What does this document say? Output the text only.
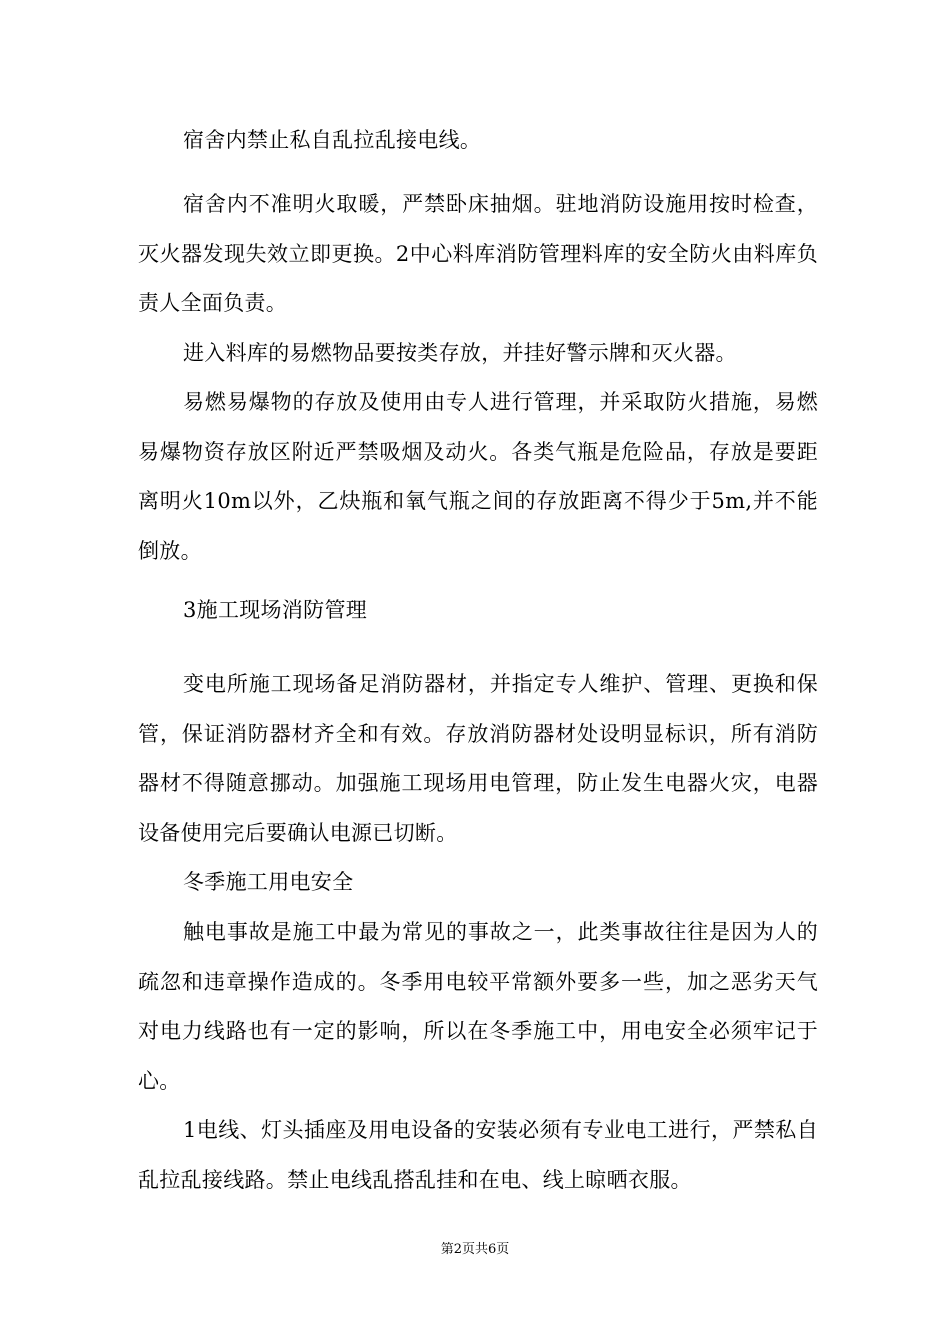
宿舍内禁止私自乱拉乱接电线。

宿舍内不准明火取暖，严禁卧床抽烟。驻地消防设施用按时检查，灭火器发现失效立即更换。2中心料库消防管理料库的安全防火由料库负责人全面负责。

进入料库的易燃物品要按类存放，并挂好警示牌和灭火器。

易燃易爆物的存放及使用由专人进行管理，并采取防火措施，易燃易爆物资存放区附近严禁吸烟及动火。各类气瓶是危险品，存放是要距离明火10m以外，乙炔瓶和氧气瓶之间的存放距离不得少于5m,并不能倒放。

3施工现场消防管理

变电所施工现场备足消防器材，并指定专人维护、管理、更换和保管，保证消防器材齐全和有效。存放消防器材处设明显标识，所有消防器材不得随意挪动。加强施工现场用电管理，防止发生电器火灾，电器设备使用完后要确认电源已切断。

冬季施工用电安全

触电事故是施工中最为常见的事故之一，此类事故往往是因为人的疏忽和违章操作造成的。冬季用电较平常额外要多一些，加之恶劣天气对电力线路也有一定的影响，所以在冬季施工中，用电安全必须牢记于心。

1电线、灯头插座及用电设备的安装必须有专业电工进行，严禁私自乱拉乱接线路。禁止电线乱搭乱挂和在电、线上晾晒衣服。

第2页共6页
